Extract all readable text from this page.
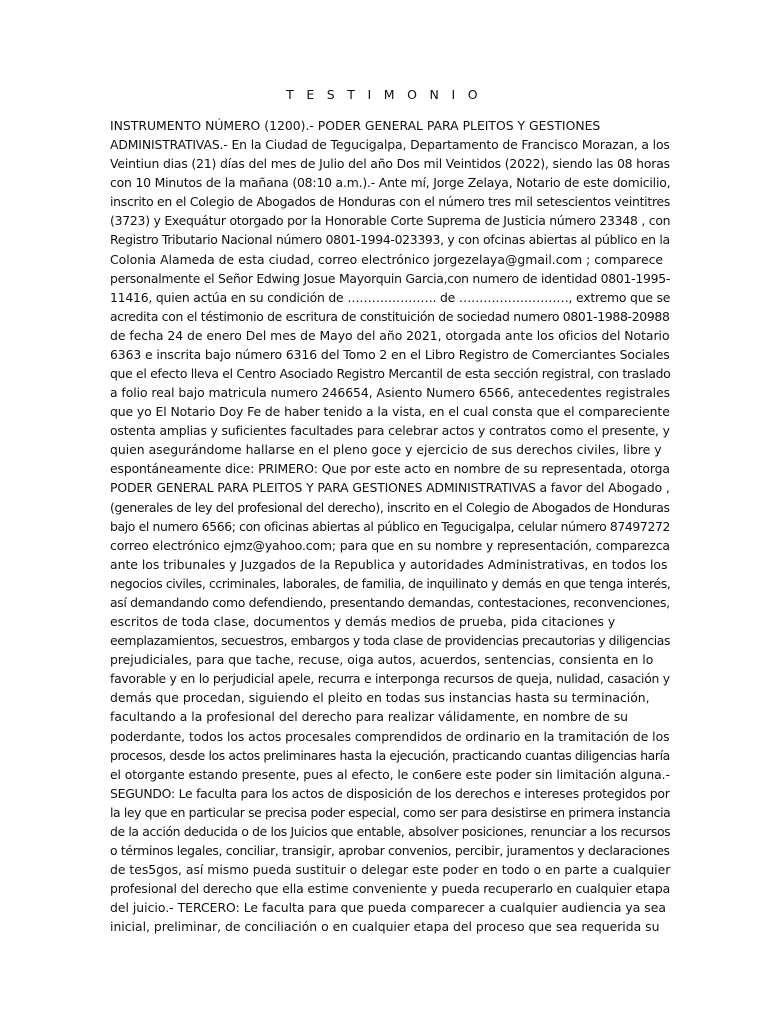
T E S T I M O N I O
INSTRUMENTO NÚMERO (1200).- PODER GENERAL PARA PLEITOS Y GESTIONES
ADMINISTRATIVAS.- En la Ciudad de Tegucigalpa, Departamento de Francisco Morazan, a los
Veintiun dias (21) días del mes de Julio del año Dos mil Veintidos (2022), siendo las 08 horas
con 10 Minutos de la mañana (08:10 a.m.).- Ante mí, Jorge Zelaya, Notario de este domicilio,
inscrito en el Colegio de Abogados de Honduras con el número tres mil setescientos veintitres
(3723) y Exequátur otorgado por la Honorable Corte Suprema de Justicia número 23348 , con
Registro Tributario Nacional número 0801-1994-023393, y con ofcinas abiertas al público en la
Colonia Alameda de esta ciudad, correo electrónico jorgezelaya@gmail.com ; comparece
personalmente el Señor Edwing Josue Mayorquin Garcia,con numero de identidad 0801-1995-
11416, quien actúa en su condición de …………………. de ………………………, extremo que se
acredita con el téstimonio de escritura de constituición de sociedad numero 0801-1988-20988
de fecha 24 de enero Del mes de Mayo del año 2021, otorgada ante los oficios del Notario
6363 e inscrita bajo número 6316 del Tomo 2 en el Libro Registro de Comerciantes Sociales
que el efecto lleva el Centro Asociado Registro Mercantil de esta sección registral, con traslado
a folio real bajo matricula numero 246654, Asiento Numero 6566, antecedentes registrales
que yo El Notario Doy Fe de haber tenido a la vista, en el cual consta que el compareciente
ostenta amplias y suficientes facultades para celebrar actos y contratos como el presente, y
quien asegurándome hallarse en el pleno goce y ejercicio de sus derechos civiles, libre y
espontáneamente dice: PRIMERO: Que por este acto en nombre de su representada, otorga
PODER GENERAL PARA PLEITOS Y PARA GESTIONES ADMINISTRATIVAS a favor del Abogado ,
(generales de ley del profesional del derecho), inscrito en el Colegio de Abogados de Honduras
bajo el numero 6566; con oficinas abiertas al público en Tegucigalpa, celular número 87497272
correo electrónico ejmz@yahoo.com; para que en su nombre y representación, comparezca
ante los tribunales y Juzgados de la Republica y autoridades Administrativas, en todos los
negocios civiles, ccriminales, laborales, de familia, de inquilinato y demás en que tenga interés,
así demandando como defendiendo, presentando demandas, contestaciones, reconvenciones,
escritos de toda clase, documentos y demás medios de prueba, pida citaciones y
eemplazamientos, secuestros, embargos y toda clase de providencias precautorias y diligencias
prejudiciales, para que tache, recuse, oiga autos, acuerdos, sentencias, consienta en lo
favorable y en lo perjudicial apele, recurra e interponga recursos de queja, nulidad, casación y
demás que procedan, siguiendo el pleito en todas sus instancias hasta su terminación,
facultando a la profesional del derecho para realizar válidamente, en nombre de su
poderdante, todos los actos procesales comprendidos de ordinario en la tramitación de los
procesos, desde los actos preliminares hasta la ejecución, practicando cuantas diligencias haría
el otorgante estando presente, pues al efecto, le con6ere este poder sin limitación alguna.-
SEGUNDO: Le faculta para los actos de disposición de los derechos e intereses protegidos por
la ley que en particular se precisa poder especial, como ser para desistirse en primera instancia
de la acción deducida o de los Juicios que entable, absolver posiciones, renunciar a los recursos
o términos legales, conciliar, transigir, aprobar convenios, percibir, juramentos y declaraciones
de tes5gos, así mismo pueda sustituir o delegar este poder en todo o en parte a cualquier
profesional del derecho que ella estime conveniente y pueda recuperarlo en cualquier etapa
del juicio.- TERCERO: Le faculta para que pueda comparecer a cualquier audiencia ya sea
inicial, preliminar, de conciliación o en cualquier etapa del proceso que sea requerida su
